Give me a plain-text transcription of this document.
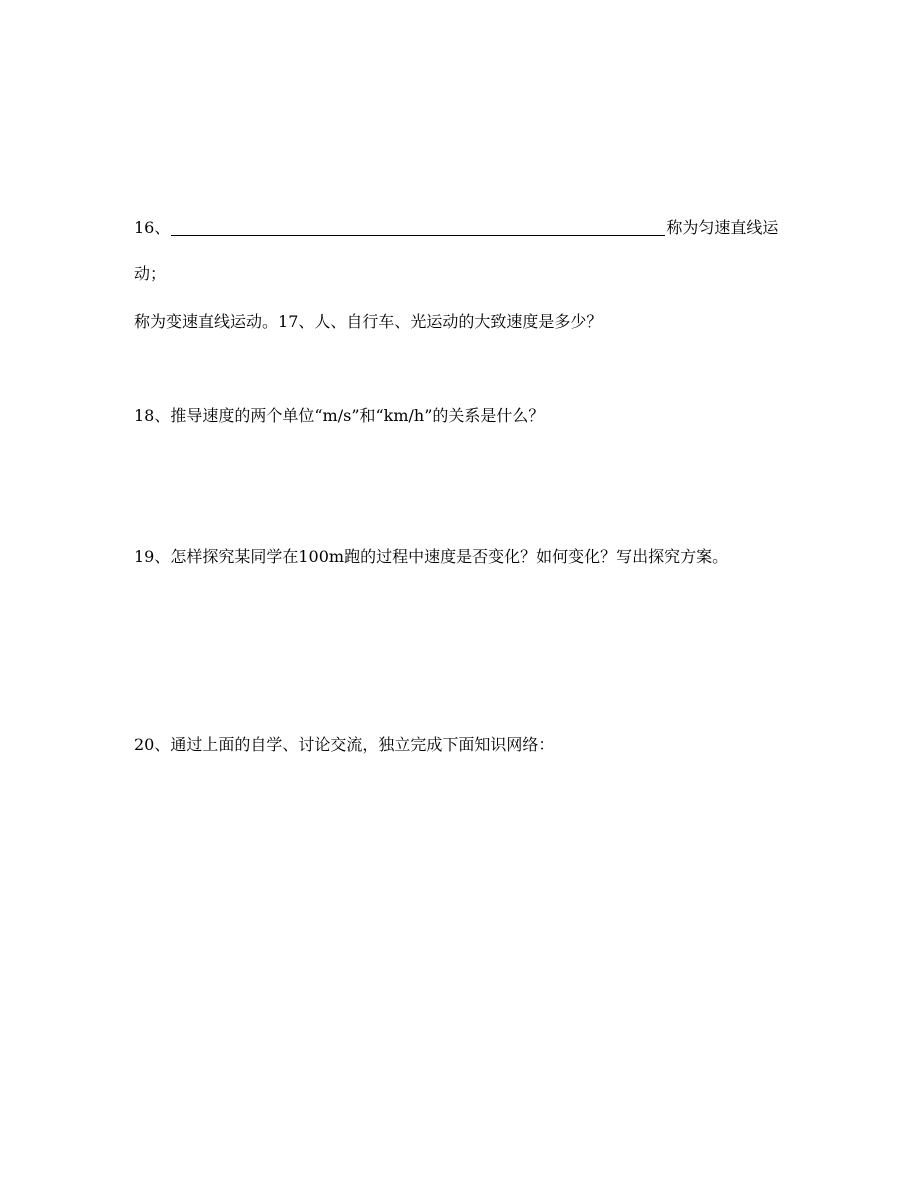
16、	称为匀速直线运
动；
称为变速直线运动。17、人、自行车、光运动的大致速度是多少？
18、推导速度的两个单位“m/s”和“km/h”的关系是什么？
19、怎样探究某同学在100m跑的过程中速度是否变化？如何变化？写出探究方案。
20、通过上面的自学、讨论交流，独立完成下面知识网络：
